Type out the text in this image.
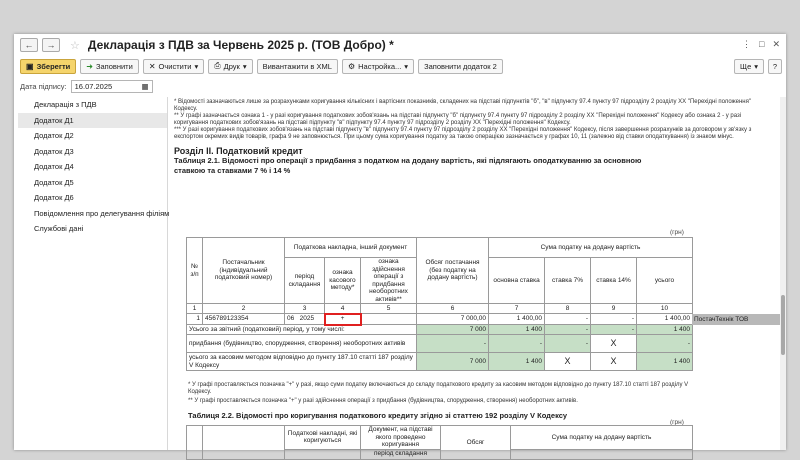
← → ☆ Декларація з ПДВ за Червень 2025 р. (ТОВ Добро) *	⋮ □ ✕
▣ Зберегти ➜ Заповнити ✕ Очистити ▾ ⎙ Друк ▾ Вивантажити в XML ⚙ Настройка... ▾ Заповнити додаток 2	Ще ▾ ?
Дата підпису: 16.07.2025	▦
Декларація з ПДВ
Додаток Д1
Додаток Д2
Додаток Д3
Додаток Д4
Додаток Д5
Додаток Д6
Повідомлення про делегування філіям
Службові дані
* Відомості зазначаються лише за розрахунками коригування кількісних і вартісних показників, складених на підставі підпунктів "б", "в" підпункту 97.4 пункту 97 підрозділу 2 розділу XX "Перехідні положення" Кодексу.
** У графі зазначається ознака 1 - у разі коригування податкових зобов'язань на підставі підпункту "б" підпункту 97.4 пункту 97 підрозділу 2 розділу XX "Перехідні положення" Кодексу або ознака 2 - у разі коригування податкових зобов'язань на підставі підпункту "в" підпункту 97.4 пункту 97 підрозділу 2 розділу XX "Перехідні положення" Кодексу.
*** У разі коригування податкових зобов'язань на підставі підпункту "в" підпункту 97.4 пункту 97 підрозділу 2 розділу XX "Перехідні положення" Кодексу, після завершення розрахунків за договором у зв'язку з експортом окремих видів товарів, графа 9 не заповнюється. При цьому сума коригування податку за такою операцією зазначається у графах 10, 11 (залежно від ставки оподаткування) із знаком мінус.
Розділ ІІ. Податковий кредит
Таблиця 2.1. Відомості про операції з придбання з податком на додану вартість, які підлягають оподаткуванню за основною ставкою та ставками 7 % і 14 %
(грн)
№ з/п	Постачальник (індивідуальний податковий номер)	Податкова накладна, інший документ			Обсяг постачання (без податку на додану вартість)	Сума податку на додану вартість			
		період складання	ознака касового методу*	ознака здійснення операції з придбання необоротних активів**		основна ставка	ставка 7%	ставка 14%	усього

1	2	3	4	5	6	7	8	9	10
1	456789123354	06 2025	+		7 000,00	1 400,00	-	-	1 400,00
Усього за звітний (податковий) період, у тому числі:					7 000	1 400	-	-	1 400
придбання (будівництво, спорудження, створення) необоротних активів					-	-	-	X	-
усього за касовим методом відповідно до пункту 187.10 статті 187 розділу V Кодексу					7 000	1 400	X	X	1 400
ПостачТехнік ТОВ
* У графі проставляється позначка "+" у разі, якщо суми податку включаються до складу податкового кредиту за касовим методом відповідно до пункту 187.10 статті 187 розділу V Кодексу.
** У графі проставляється позначка "+" у разі здійснення операції з придбання (будівництва, спорудження, створення) необоротних активів.
Таблиця 2.2. Відомості про коригування податкового кредиту згідно зі статтею 192 розділу V Кодексу
(грн)
		Податкові накладні, які коригуються	Документ, на підставі якого проведено коригування	Обсяг	Сума податку на додану вартість
			період складання		
